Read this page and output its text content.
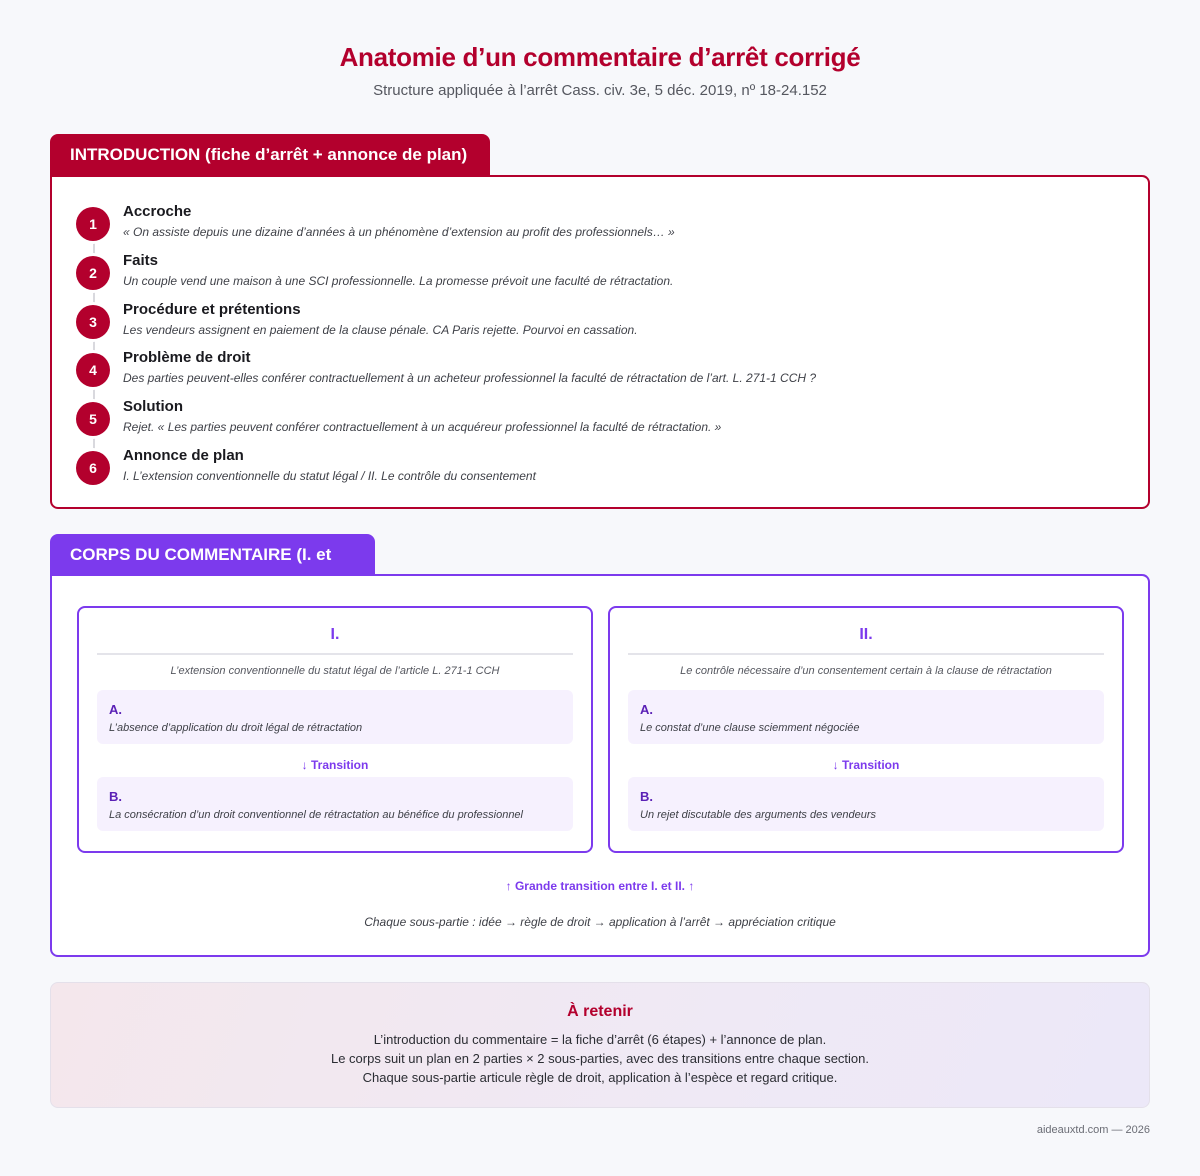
Anatomie d’un commentaire d’arrêt corrigé
Structure appliquée à l’arrêt Cass. civ. 3e, 5 déc. 2019, nº 18-24.152
INTRODUCTION (fiche d’arrêt + annonce de plan)
1
Accroche
« On assiste depuis une dizaine d’années à un phénomène d’extension au profit des professionnels… »
2
Faits
Un couple vend une maison à une SCI professionnelle. La promesse prévoit une faculté de rétractation.
3
Procédure et prétentions
Les vendeurs assignent en paiement de la clause pénale. CA Paris rejette. Pourvoi en cassation.
4
Problème de droit
Des parties peuvent-elles conférer contractuellement à un acheteur professionnel la faculté de rétractation de l’art. L. 271-1 CCH ?
5
Solution
Rejet. « Les parties peuvent conférer contractuellement à un acquéreur professionnel la faculté de rétractation. »
6
Annonce de plan
I. L’extension conventionnelle du statut légal / II. Le contrôle du consentement
CORPS DU COMMENTAIRE (I. et
I.
L’extension conventionnelle du statut légal de l’article L. 271-1 CCH
A.
L’absence d’application du droit légal de rétractation
↓ Transition
B.
La consécration d’un droit conventionnel de rétractation au bénéfice du professionnel
II.
Le contrôle nécessaire d’un consentement certain à la clause de rétractation
A.
Le constat d’une clause sciemment négociée
↓ Transition
B.
Un rejet discutable des arguments des vendeurs
↑ Grande transition entre I. et II. ↑
Chaque sous-partie : idée → règle de droit → application à l’arrêt → appréciation critique
À retenir
L’introduction du commentaire = la fiche d’arrêt (6 étapes) + l’annonce de plan.
Le corps suit un plan en 2 parties × 2 sous-parties, avec des transitions entre chaque section.
Chaque sous-partie articule règle de droit, application à l’espèce et regard critique.
aideauxtd.com — 2026
